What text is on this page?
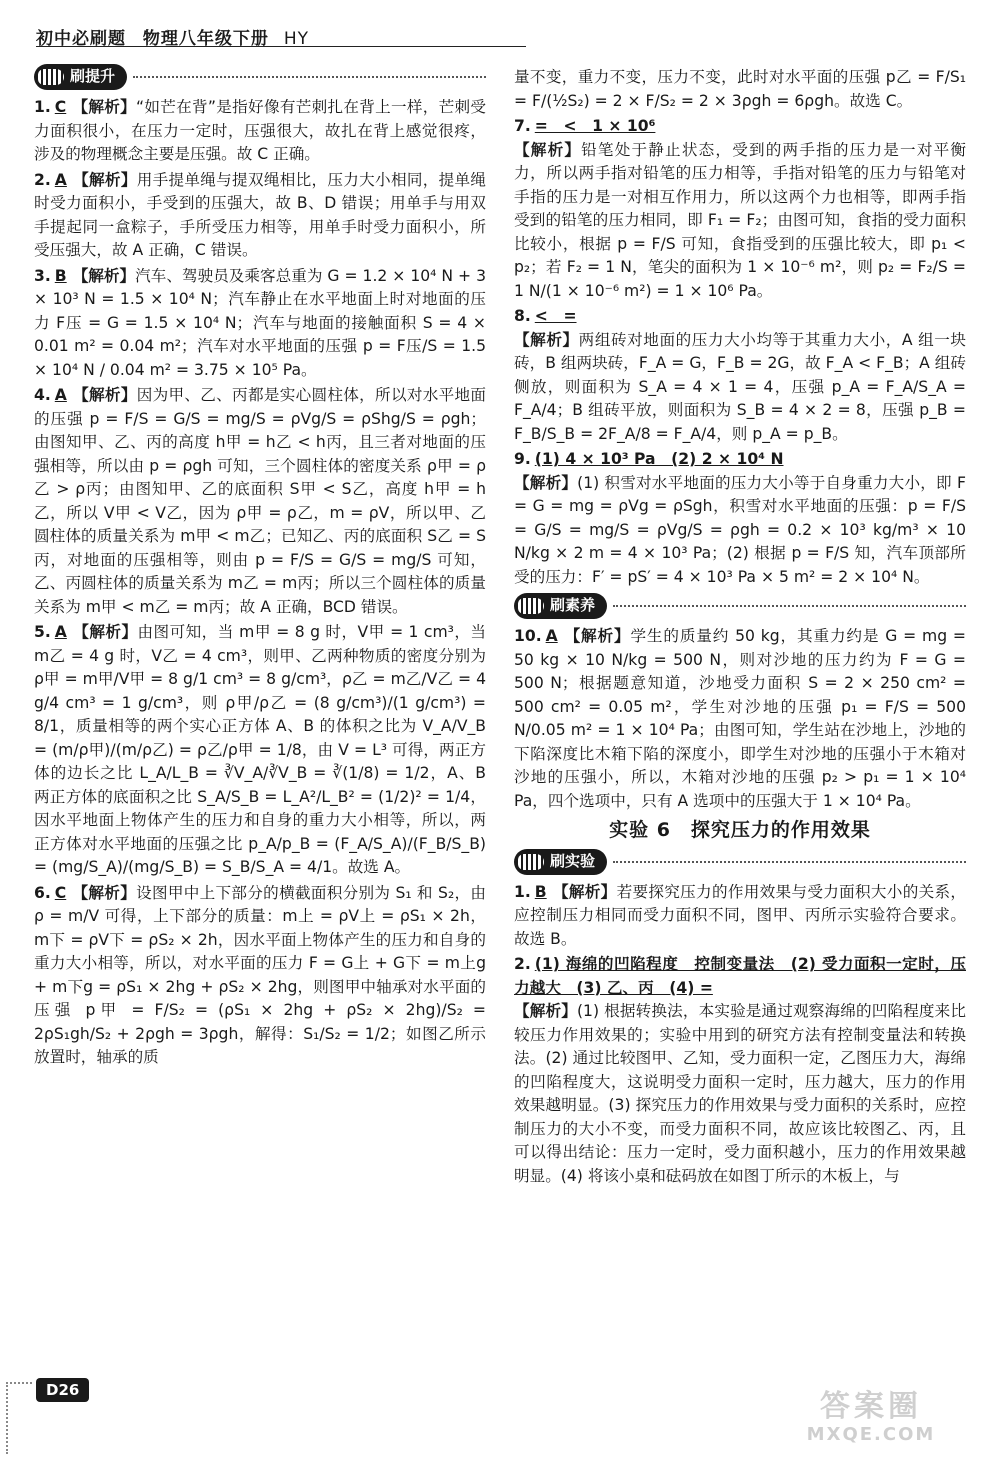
初中必刷题 物理八年级下册 HY
刷提升
1. C 【解析】“如芒在背”是指好像有芒刺扎在背上一样，芒刺受力面积很小，在压力一定时，压强很大，故扎在背上感觉很疼，涉及的物理概念主要是压强。故 C 正确。
2. A 【解析】用手提单绳与提双绳相比，压力大小相同，提单绳时受力面积小，手受到的压强大，故 B、D 错误；用单手与用双手提起同一盒粽子，手所受压力相等，用单手时受力面积小，所受压强大，故 A 正确，C 错误。
3. B 【解析】汽车、驾驶员及乘客总重为 G = 1.2 × 10⁴ N + 3 × 10³ N = 1.5 × 10⁴ N；汽车静止在水平地面上时对地面的压力 F压 = G = 1.5 × 10⁴ N；汽车与地面的接触面积 S = 4 × 0.01 m² = 0.04 m²；汽车对水平地面的压强 p = F压/S = 1.5 × 10⁴ N / 0.04 m² = 3.75 × 10⁵ Pa。
4. A 【解析】因为甲、乙、丙都是实心圆柱体，所以对水平地面的压强 p = F/S = G/S = mg/S = ρVg/S = ρShg/S = ρgh；由图知甲、乙、丙的高度 h甲 = h乙 < h丙，且三者对地面的压强相等，所以由 p = ρgh 可知，三个圆柱体的密度关系 ρ甲 = ρ乙 > ρ丙；由图知甲、乙的底面积 S甲 < S乙，高度 h甲 = h乙，所以 V甲 < V乙，因为 ρ甲 = ρ乙，m = ρV，所以甲、乙圆柱体的质量关系为 m甲 < m乙；已知乙、丙的底面积 S乙 = S丙，对地面的压强相等，则由 p = F/S = G/S = mg/S 可知，乙、丙圆柱体的质量关系为 m乙 = m丙；所以三个圆柱体的质量关系为 m甲 < m乙 = m丙；故 A 正确，BCD 错误。
5. A 【解析】由图可知，当 m甲 = 8 g 时，V甲 = 1 cm³，当 m乙 = 4 g 时，V乙 = 4 cm³，则甲、乙两种物质的密度分别为 ρ甲 = m甲/V甲 = 8 g/1 cm³ = 8 g/cm³，ρ乙 = m乙/V乙 = 4 g/4 cm³ = 1 g/cm³，则 ρ甲/ρ乙 = (8 g/cm³)/(1 g/cm³) = 8/1，质量相等的两个实心正方体 A、B 的体积之比为 V_A/V_B = (m/ρ甲)/(m/ρ乙) = ρ乙/ρ甲 = 1/8，由 V = L³ 可得，两正方体的边长之比 L_A/L_B = ∛V_A/∛V_B = ∛(1/8) = 1/2，A、B 两正方体的底面积之比 S_A/S_B = L_A²/L_B² = (1/2)² = 1/4，因水平地面上物体产生的压力和自身的重力大小相等，所以，两正方体对水平地面的压强之比 p_A/p_B = (F_A/S_A)/(F_B/S_B) = (mg/S_A)/(mg/S_B) = S_B/S_A = 4/1。故选 A。
6. C 【解析】设图甲中上下部分的横截面积分别为 S₁ 和 S₂，由 ρ = m/V 可得，上下部分的质量：m上 = ρV上 = ρS₁ × 2h，m下 = ρV下 = ρS₂ × 2h，因水平面上物体产生的压力和自身的重力大小相等，所以，对水平面的压力 F = G上 + G下 = m上g + m下g = ρS₁ × 2hg + ρS₂ × 2hg，则图甲中轴承对水平面的压强 p甲 = F/S₂ = (ρS₁ × 2hg + ρS₂ × 2hg)/S₂ = 2ρS₁gh/S₂ + 2ρgh = 3ρgh，解得：S₁/S₂ = 1/2；如图乙所示放置时，轴承的质
量不变，重力不变，压力不变，此时对水平面的压强 p乙 = F/S₁ = F/(½S₂) = 2 × F/S₂ = 2 × 3ρgh = 6ρgh。故选 C。
7. =　<　1 × 10⁶
【解析】铅笔处于静止状态，受到的两手指的压力是一对平衡力，所以两手指对铅笔的压力相等，手指对铅笔的压力与铅笔对手指的压力是一对相互作用力，所以这两个力也相等，即两手指受到的铅笔的压力相同，即 F₁ = F₂；由图可知，食指的受力面积比较小，根据 p = F/S 可知，食指受到的压强比较大，即 p₁ < p₂；若 F₂ = 1 N，笔尖的面积为 1 × 10⁻⁶ m²，则 p₂ = F₂/S = 1 N/(1 × 10⁻⁶ m²) = 1 × 10⁶ Pa。
8. <　=
【解析】两组砖对地面的压力大小均等于其重力大小，A 组一块砖，B 组两块砖，F_A = G，F_B = 2G，故 F_A < F_B；A 组砖侧放，则面积为 S_A = 4 × 1 = 4，压强 p_A = F_A/S_A = F_A/4；B 组砖平放，则面积为 S_B = 4 × 2 = 8，压强 p_B = F_B/S_B = 2F_A/8 = F_A/4，则 p_A = p_B。
9. (1) 4 × 10³ Pa　(2) 2 × 10⁴ N
【解析】(1) 积雪对水平地面的压力大小等于自身重力大小，即 F = G = mg = ρVg = ρSgh，积雪对水平地面的压强：p = F/S = G/S = mg/S = ρVg/S = ρgh = 0.2 × 10³ kg/m³ × 10 N/kg × 2 m = 4 × 10³ Pa；(2) 根据 p = F/S 知，汽车顶部所受的压力：F′ = pS′ = 4 × 10³ Pa × 5 m² = 2 × 10⁴ N。
刷素养
10. A 【解析】学生的质量约 50 kg，其重力约是 G = mg = 50 kg × 10 N/kg = 500 N，则对沙地的压力约为 F = G = 500 N；根据题意知道，沙地受力面积 S = 2 × 250 cm² = 500 cm² = 0.05 m²，学生对沙地的压强 p₁ = F/S = 500 N/0.05 m² = 1 × 10⁴ Pa；由图可知，学生站在沙地上，沙地的下陷深度比木箱下陷的深度小，即学生对沙地的压强小于木箱对沙地的压强小，所以，木箱对沙地的压强 p₂ > p₁ = 1 × 10⁴ Pa，四个选项中，只有 A 选项中的压强大于 1 × 10⁴ Pa。
实验 6　探究压力的作用效果
刷实验
1. B 【解析】若要探究压力的作用效果与受力面积大小的关系，应控制压力相同而受力面积不同，图甲、丙所示实验符合要求。故选 B。
2. (1) 海绵的凹陷程度　控制变量法　(2) 受力面积一定时，压力越大　(3) 乙、丙　(4) =
【解析】(1) 根据转换法，本实验是通过观察海绵的凹陷程度来比较压力作用效果的；实验中用到的研究方法有控制变量法和转换法。(2) 通过比较图甲、乙知，受力面积一定，乙图压力大，海绵的凹陷程度大，这说明受力面积一定时，压力越大，压力的作用效果越明显。(3) 探究压力的作用效果与受力面积的关系时，应控制压力的大小不变，而受力面积不同，故应该比较图乙、丙，且可以得出结论：压力一定时，受力面积越小，压力的作用效果越明显。(4) 将该小桌和砝码放在如图丁所示的木板上，与
D26	答案圈
MXQE.COM
